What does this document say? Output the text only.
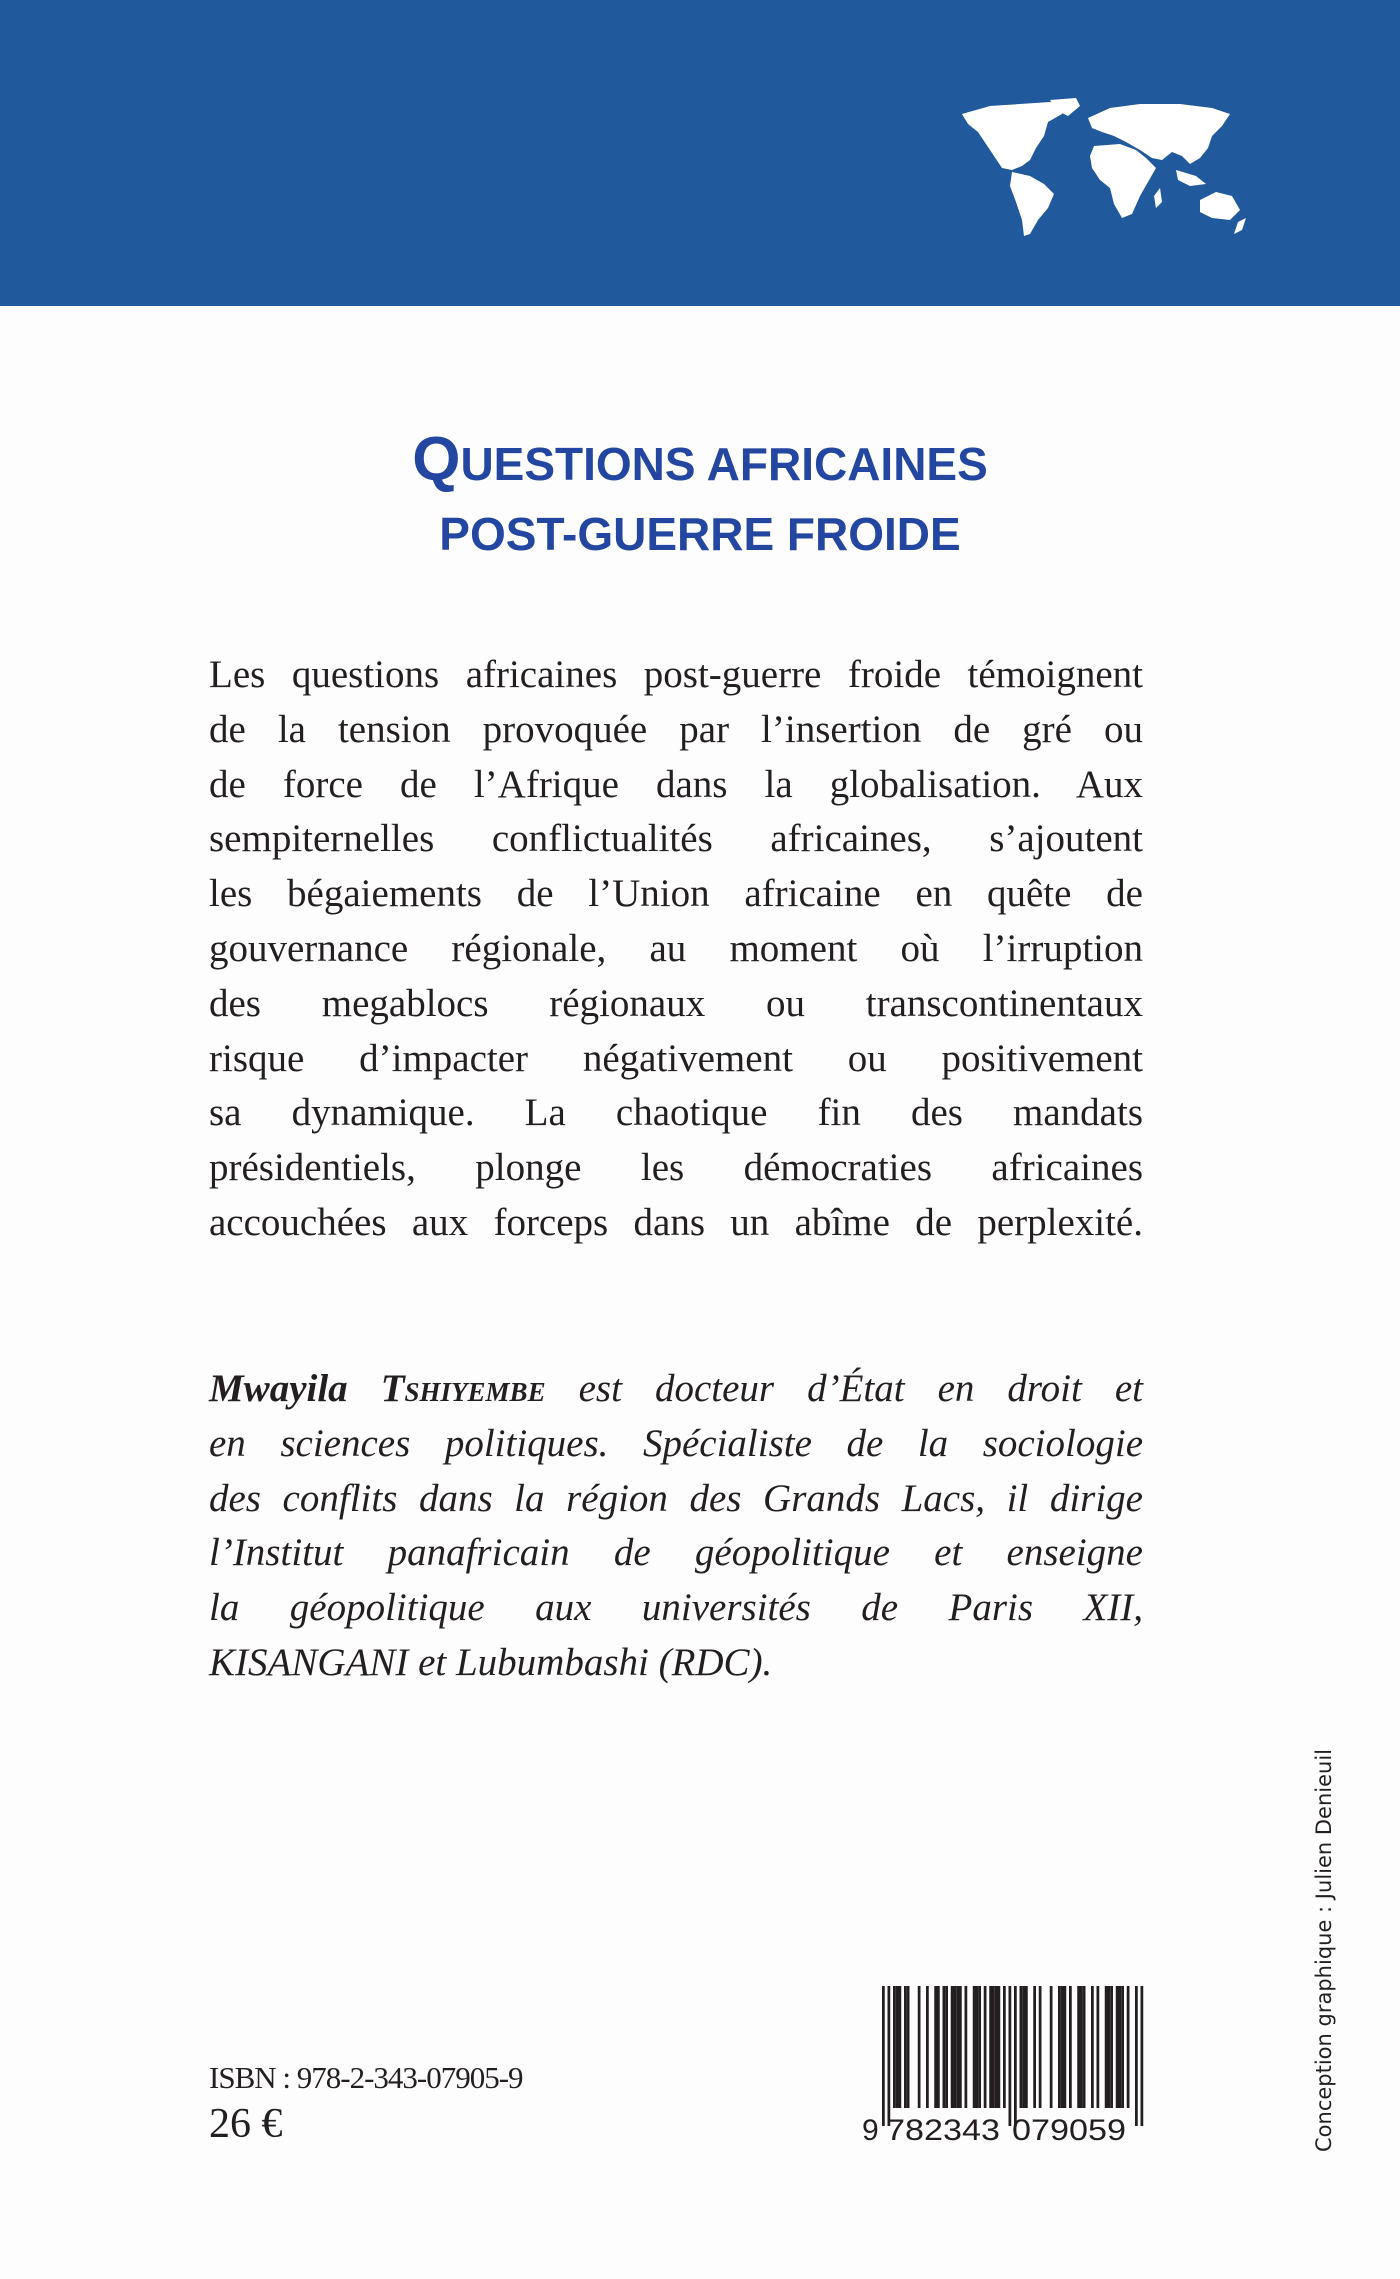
QUESTIONS AFRICAINES
POST-GUERRE FROIDE
Les questions africaines post-guerre froide témoignent
de la tension provoquée par l’insertion de gré ou
de force de l’Afrique dans la globalisation. Aux
sempiternelles conflictualités africaines, s’ajoutent
les bégaiements de l’Union africaine en quête de
gouvernance régionale, au moment où l’irruption
des megablocs régionaux ou transcontinentaux
risque d’impacter négativement ou positivement
sa dynamique. La chaotique fin des mandats
présidentiels, plonge les démocraties africaines
accouchées aux forceps dans un abîme de perplexité.
Mwayila Tshiyembe est docteur d’État en droit et
en sciences politiques. Spécialiste de la sociologie
des conflits dans la région des Grands Lacs, il dirige
l’Institut panafricain de géopolitique et enseigne
la géopolitique aux universités de Paris XII,
KISANGANI et Lubumbashi (RDC).
ISBN : 978-2-343-07905-9
26 €	9 782343 079059	Conception graphique : Julien Denieuil
